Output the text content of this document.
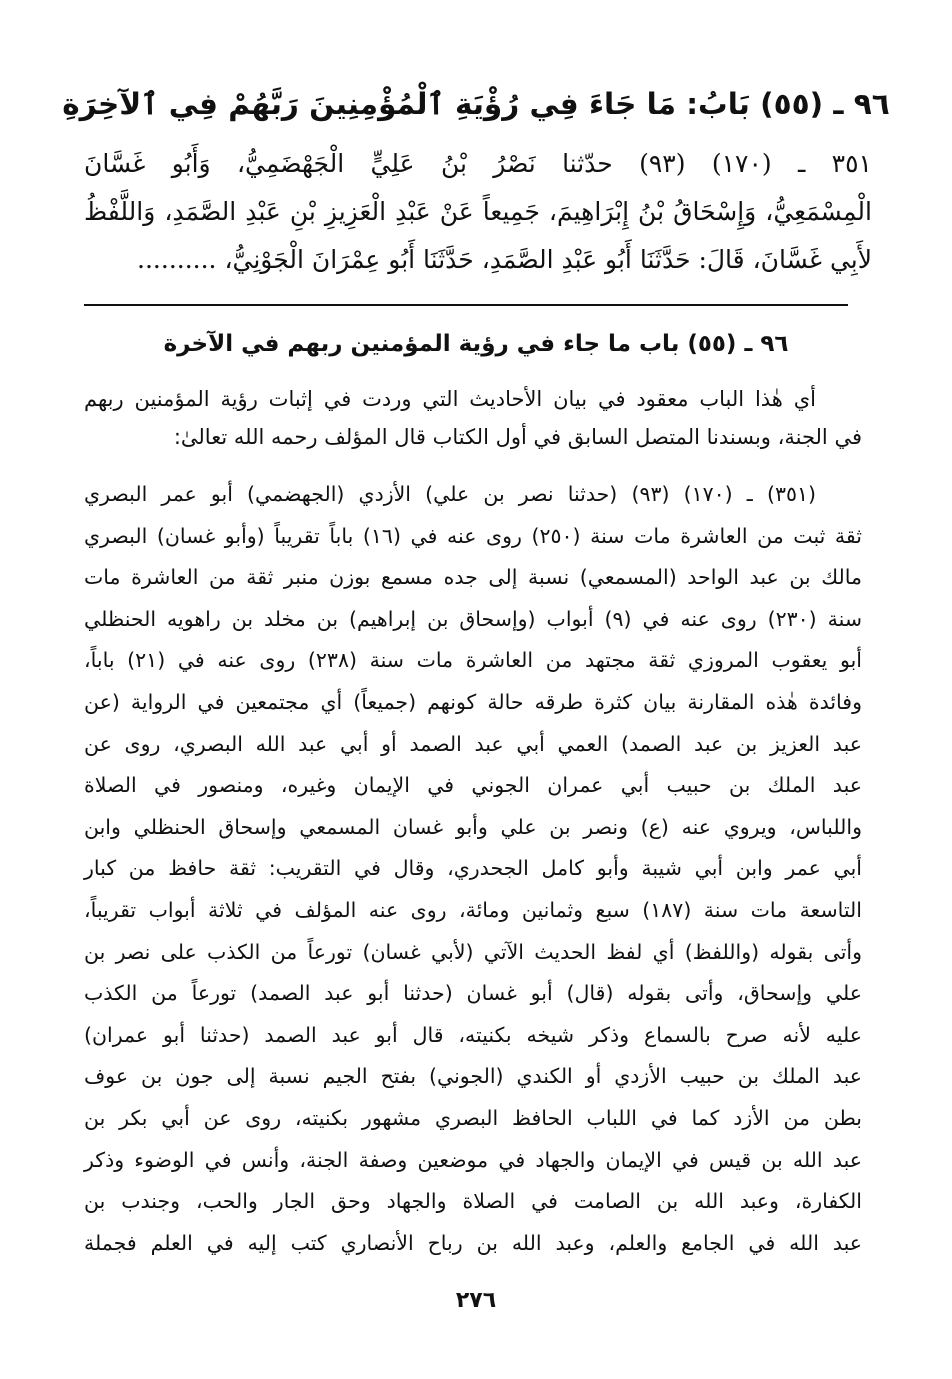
٩٦ ـ (٥٥) بَابُ: مَا جَاءَ فِي رُؤْيَةِ ٱلْمُؤْمِنِينَ رَبَّهُمْ فِي ٱلآخِرَةِ
٣٥١ ـ (١٧٠) (٩٣) حدّثنا نَصْرُ بْنُ عَلِيٍّ الْجَهْضَمِيُّ، وَأَبُو غَسَّانَ
الْمِسْمَعِيُّ، وَإِسْحَاقُ بْنُ إِبْرَاهِيمَ، جَمِيعاً عَنْ عَبْدِ الْعَزِيزِ بْنِ عَبْدِ الصَّمَدِ، وَاللَّفْظُ
لأَبِي غَسَّانَ، قَالَ: حَدَّثَنَا أَبُو عَبْدِ الصَّمَدِ، حَدَّثَنَا أَبُو عِمْرَانَ الْجَوْنِيُّ، ..........
٩٦ ـ (٥٥) باب ما جاء في رؤية المؤمنين ربهم في الآخرة
أي هٰذا الباب معقود في بيان الأحاديث التي وردت في إثبات رؤية المؤمنين ربهم
في الجنة، وبسندنا المتصل السابق في أول الكتاب قال المؤلف رحمه الله تعالىٰ:
(٣٥١) ـ (١٧٠) (٩٣) (حدثنا نصر بن علي) الأزدي (الجهضمي) أبو عمر البصري
ثقة ثبت من العاشرة مات سنة (٢٥٠) روى عنه في (١٦) باباً تقريباً (وأبو غسان) البصري
مالك بن عبد الواحد (المسمعي) نسبة إلى جده مسمع بوزن منبر ثقة من العاشرة مات
سنة (٢٣٠) روى عنه في (٩) أبواب (وإسحاق بن إبراهيم) بن مخلد بن راهويه الحنظلي
أبو يعقوب المروزي ثقة مجتهد من العاشرة مات سنة (٢٣٨) روى عنه في (٢١) باباً،
وفائدة هٰذه المقارنة بيان كثرة طرقه حالة كونهم (جميعاً) أي مجتمعين في الرواية (عن
عبد العزيز بن عبد الصمد) العمي أبي عبد الصمد أو أبي عبد الله البصري، روى عن
عبد الملك بن حبيب أبي عمران الجوني في الإيمان وغيره، ومنصور في الصلاة
واللباس، ويروي عنه (ع) ونصر بن علي وأبو غسان المسمعي وإسحاق الحنظلي وابن
أبي عمر وابن أبي شيبة وأبو كامل الجحدري، وقال في التقريب: ثقة حافظ من كبار
التاسعة مات سنة (١٨٧) سبع وثمانين ومائة، روى عنه المؤلف في ثلاثة أبواب تقريباً،
وأتى بقوله (واللفظ) أي لفظ الحديث الآتي (لأبي غسان) تورعاً من الكذب على نصر بن
علي وإسحاق، وأتى بقوله (قال) أبو غسان (حدثنا أبو عبد الصمد) تورعاً من الكذب
عليه لأنه صرح بالسماع وذكر شيخه بكنيته، قال أبو عبد الصمد (حدثنا أبو عمران)
عبد الملك بن حبيب الأزدي أو الكندي (الجوني) بفتح الجيم نسبة إلى جون بن عوف
بطن من الأزد كما في اللباب الحافظ البصري مشهور بكنيته، روى عن أبي بكر بن
عبد الله بن قيس في الإيمان والجهاد في موضعين وصفة الجنة، وأنس في الوضوء وذكر
الكفارة، وعبد الله بن الصامت في الصلاة والجهاد وحق الجار والحب، وجندب بن
عبد الله في الجامع والعلم، وعبد الله بن رباح الأنصاري كتب إليه في العلم فجملة
٢٧٦
